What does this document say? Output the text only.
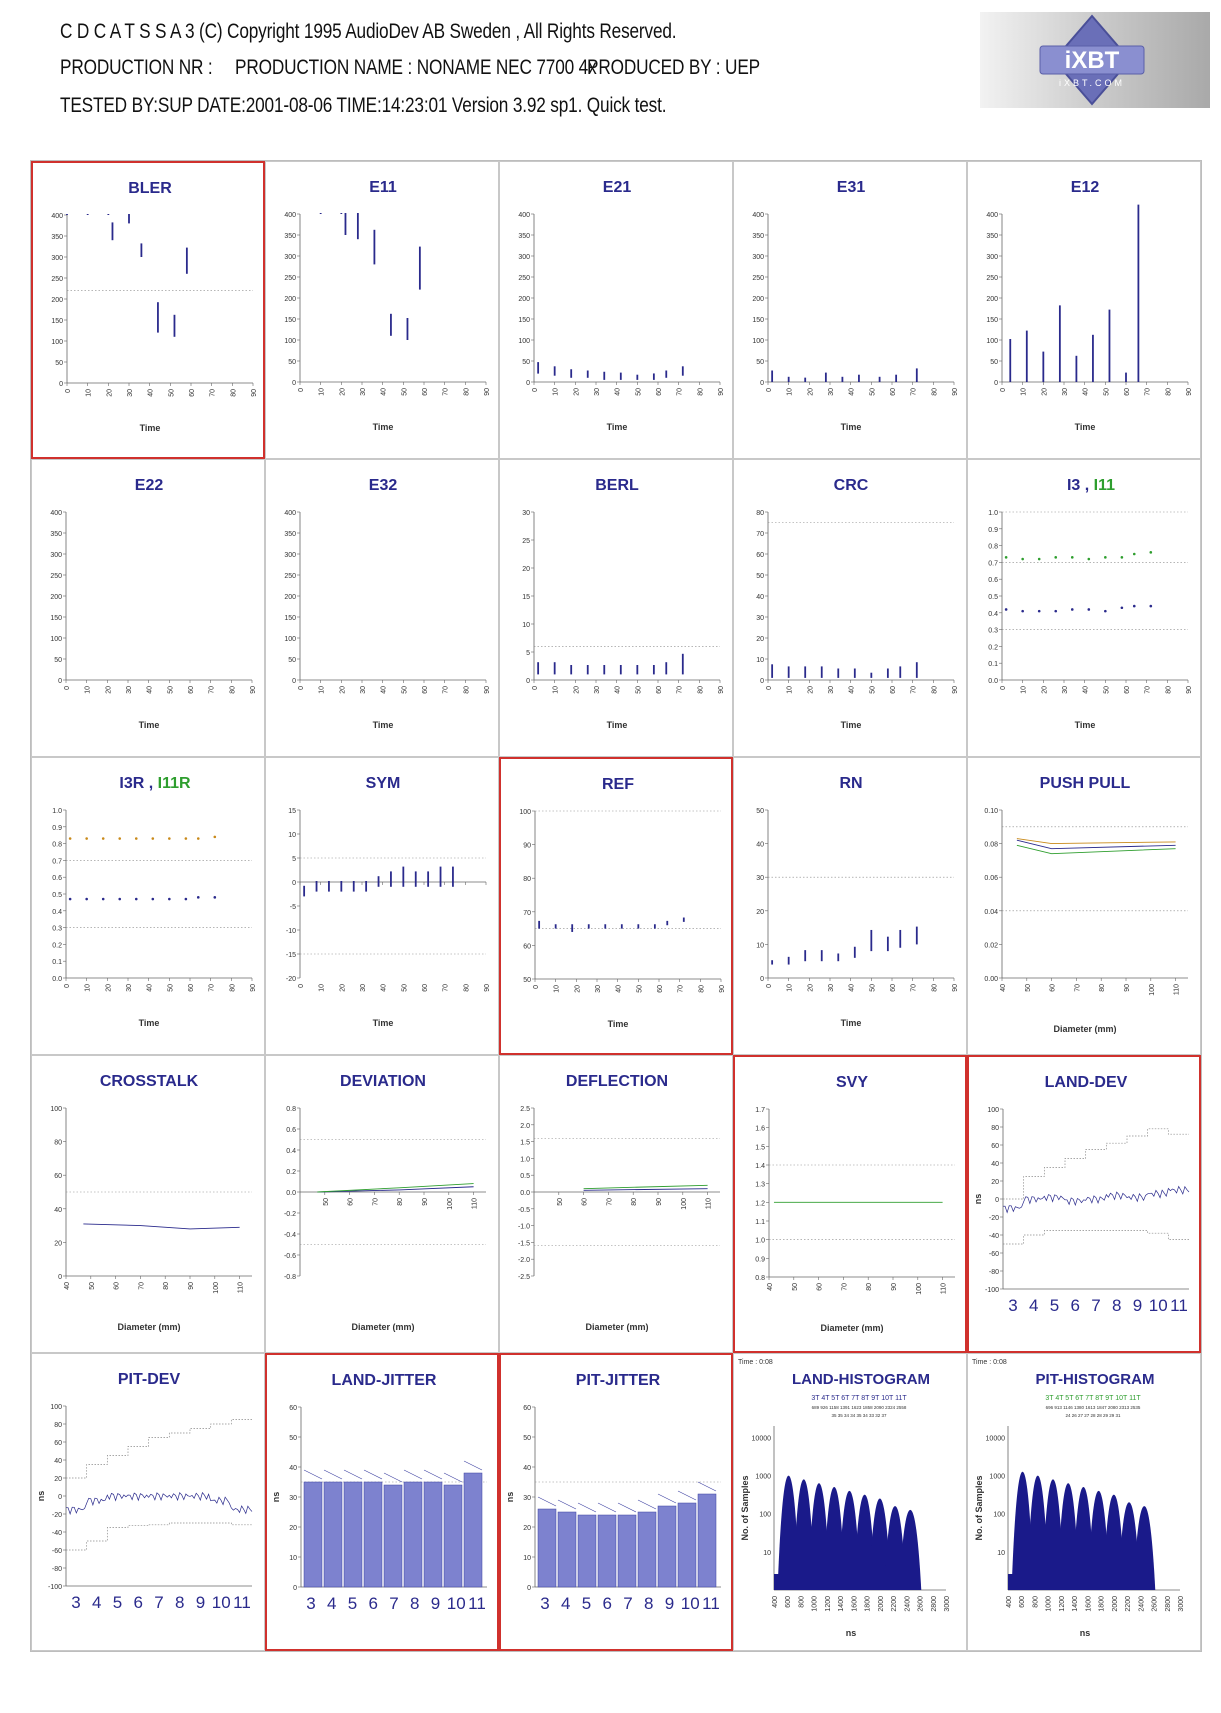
C D C A T S S A 3 (C) Copyright 1995 AudioDev AB Sweden , All Rights Reserved.
PRODUCTION NR : PRODUCTION NAME : NONAME NEC 7700 4x
PRODUCED BY : UEP
TESTED BY:SUP DATE:2001-08-06 TIME:14:23:01 Version 3.92 sp1. Quick test.
iXBT
iXBT.COM
BLER
0
50
100
150
200
250
300
350
400
0 10 20 30 40 50 60 70 80 90
Time
E11
0
50
100
150
200
250
300
350
400
0 10 20 30 40 50 60 70 80 90
Time
E21
0
50
100
150
200
250
300
350
400
0 10 20 30 40 50 60 70 80 90
Time
E31
0
50
100
150
200
250
300
350
400
0 10 20 30 40 50 60 70 80 90
Time
E12
0
50
100
150
200
250
300
350
400
0 10 20 30 40 50 60 70 80 90
Time
E22
0
50
100
150
200
250
300
350
400
0 10 20 30 40 50 60 70 80 90
Time
E32
0
50
100
150
200
250
300
350
400
0 10 20 30 40 50 60 70 80 90
Time
BERL
0
5
10
15
20
25
30
0 10 20 30 40 50 60 70 80 90
Time
CRC
0
10
20
30
40
50
60
70
80
0 10 20 30 40 50 60 70 80 90
Time
I3 , I11
0.0
0.1
0.2
0.3
0.4
0.5
0.6
0.7
0.8
0.9
1.0
0 10 20 30 40 50 60 70 80 90
Time
I3R , I11R
0.0
0.1
0.2
0.3
0.4
0.5
0.6
0.7
0.8
0.9
1.0
0 10 20 30 40 50 60 70 80 90
Time
SYM
-20
-15
-10
-5
0
5
10
15
0 10 20 30 40 50 60 70 80 90
Time
REF
50
60
70
80
90
100
0 10 20 30 40 50 60 70 80 90
Time
RN
0
10
20
30
40
50
0 10 20 30 40 50 60 70 80 90
Time
PUSH PULL
0.00
0.02
0.04
0.06
0.08
0.10
40	50	60	70	80	90	100	110
Diameter (mm)
CROSSTALK
0
20
40
60
80
100
40	50	60	70	80	90	100	110
Diameter (mm)
DEVIATION
-0.8
-0.6
-0.4
-0.2
0.0
0.2
0.4
0.6
0.8
50	60	70	80	90	100	110
Diameter (mm)
DEFLECTION
-2.5
-2.0
-1.5
-1.0
-0.5
0.0
0.5
1.0
1.5
2.0
2.5
50	60	70	80	90	100	110
Diameter (mm)
SVY
0.8
0.9
1.0
1.1
1.2
1.3
1.4
1.5
1.6
1.7
40	50	60	70	80	90	100	110
Diameter (mm)
LAND-DEV
-100
-80
-60
-40
-20
0
20
40
60
80
100
ns
3 4 5 6 7 8 9 10 11
PIT-DEV
-100
-80
-60
-40
-20
0
20
40
60
80
100
ns
3 4 5 6 7 8 9 10 11
LAND-JITTER
0
10
20
30
40
50
60
ns
3 4 5 6 7 8 9 10 11
PIT-JITTER
0
10
20
30
40
50
60
ns
3 4 5 6 7 8 9 10 11
LAND-HISTOGRAM
Time : 0:08
10000
1000
100
10
400 600 800 1000 1200 1400 1600 1800 2000 2200 2400 2600 2800 3000
ns
No. of Samples
3T 4T 5T 6T 7T 8T 9T 10T 11T
689 926 1158 1391 1623 1858 2090 2324 2558
35 35 34 34 35 34 33 32 37
PIT-HISTOGRAM
Time : 0:08
10000
1000
100
10
400 600 800 1000 1200 1400 1600 1800 2000 2200 2400 2600 2800 3000
ns
No. of Samples
3T 4T 5T 6T 7T 8T 9T 10T 11T
696 913 1146 1380 1613 1847 2080 2313 2535
24 26 27 27 28 28 29 29 31
